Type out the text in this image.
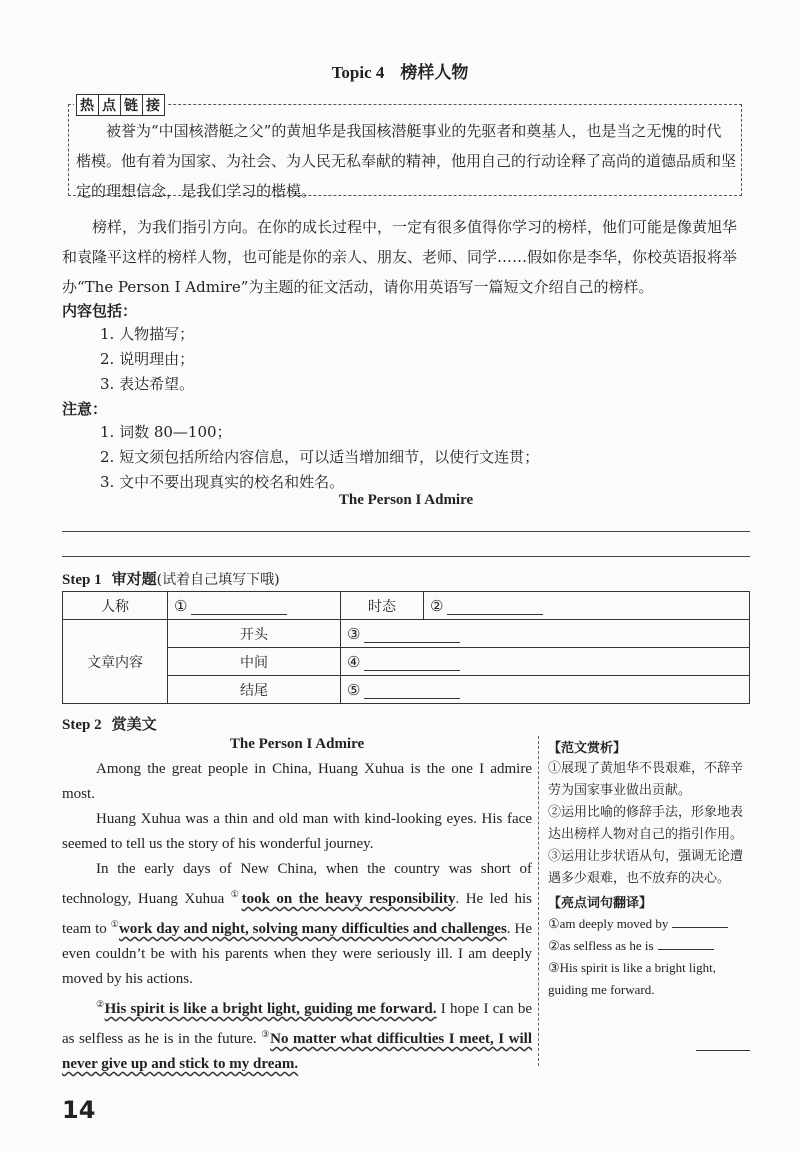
Topic 4 榜样人物
热 点 链 接
被誉为“中国核潜艇之父”的黄旭华是我国核潜艇事业的先驱者和奠基人，也是当之无愧的时代楷模。他有着为国家、为社会、为人民无私奉献的精神，他用自己的行动诠释了高尚的道德品质和坚定的理想信念，是我们学习的楷模。
榜样，为我们指引方向。在你的成长过程中，一定有很多值得你学习的榜样，他们可能是像黄旭华和袁隆平这样的榜样人物，也可能是你的亲人、朋友、老师、同学……假如你是李华，你校英语报将举办“The Person I Admire”为主题的征文活动，请你用英语写一篇短文介绍自己的榜样。
内容包括：
1. 人物描写；
2. 说明理由；
3. 表达希望。
注意：
1. 词数 80—100；
2. 短文须包括所给内容信息，可以适当增加细节，以使行文连贯；
3. 文中不要出现真实的校名和姓名。
The Person I Admire
Step 1 审对题(试着自己填写下哦)
人称	①	时态	②
文章内容	开头	③	
	中间	④	
	结尾	⑤	
Step 2 赏美文
The Person I Admire

Among the great people in China, Huang Xuhua is the one I admire most.

Huang Xuhua was a thin and old man with kind-looking eyes. His face seemed to tell us the story of his wonderful journey.

In the early days of New China, when the country was short of technology, Huang Xuhua ①took on the heavy responsibility. He led his team to ①work day and night, solving many difficulties and challenges. He even couldn’t be with his parents when they were seriously ill. I am deeply moved by his actions.

②His spirit is like a bright light, guiding me forward. I hope I can be as selfless as he is in the future. ③No matter what difficulties I meet, I will never give up and stick to my dream.

【范文赏析】

①展现了黄旭华不畏艰难，不辞辛劳为国家事业做出贡献。

②运用比喻的修辞手法，形象地表达出榜样人物对自己的指引作用。

③运用让步状语从句，强调无论遭遇多少艰难，也不放弃的决心。

【亮点词句翻译】

①am deeply moved by

②as selfless as he is

③His spirit is like a bright light, guiding me forward.

14
